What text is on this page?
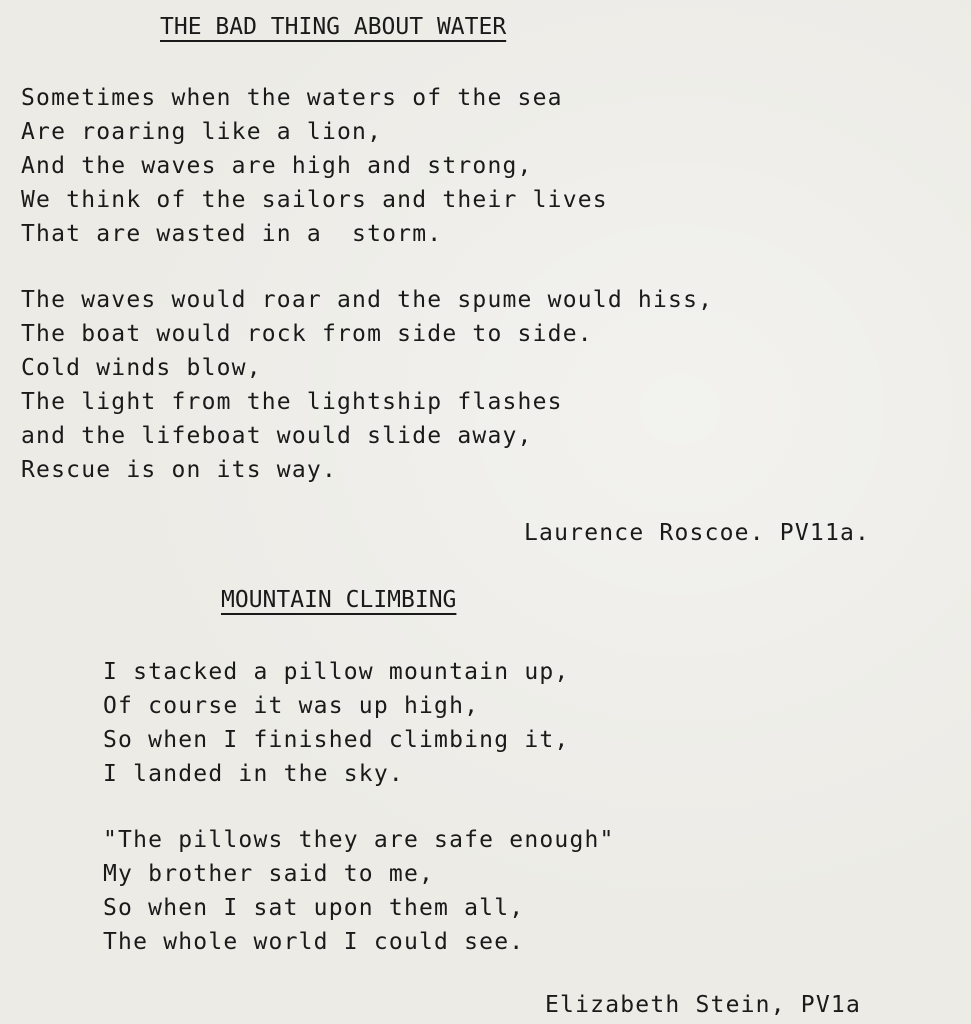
THE BAD THING ABOUT WATER
Sometimes when the waters of the sea
Are roaring like a lion,
And the waves are high and strong,
We think of the sailors and their lives
That are wasted in a  storm.
The waves would roar and the spume would hiss,
The boat would rock from side to side.
Cold winds blow,
The light from the lightship flashes
and the lifeboat would slide away,
Rescue is on its way.
Laurence Roscoe. PV11a.
MOUNTAIN CLIMBING
I stacked a pillow mountain up,
Of course it was up high,
So when I finished climbing it,
I landed in the sky.
"The pillows they are safe enough"
My brother said to me,
So when I sat upon them all,
The whole world I could see.
Elizabeth Stein, PV1a
